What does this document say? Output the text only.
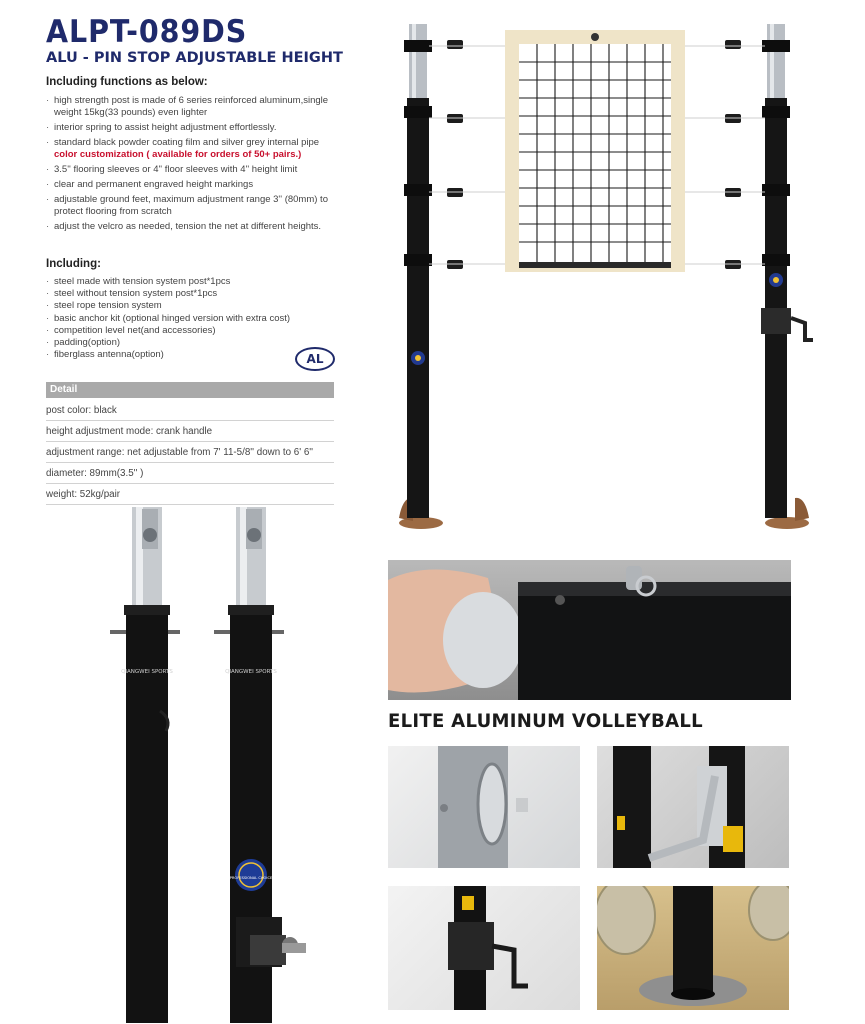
ALPT-089DS
ALU - PIN STOP ADJUSTABLE HEIGHT
Including functions as below:
· high strength post is made of 6 series reinforced aluminum,single weight 15kg(33 pounds) even lighter
· interior spring to assist height adjustment effortlessly.
· standard black powder coating film and silver grey internal pipe
color customization ( available for orders of 50+ pairs.)
· 3.5'' flooring sleeves or 4'' floor sleeves with 4'' height limit
· clear and permanent engraved height markings
· adjustable ground feet, maximum adjustment range 3'' (80mm) to protect flooring from scratch
· adjust the velcro as needed, tension the net at different heights.
Including:
· steel made with tension system post*1pcs
· steel without tension system post*1pcs
· steel rope tension system
· basic anchor kit (optional hinged version with extra cost)
· competition level net(and accessories)
· padding(option)
· fiberglass antenna(option)	AL
Detail
post color: black
height adjustment mode: crank handle
adjustment range: net adjustable from 7' 11-5/8'' down to 6' 6''
diameter: 89mm(3.5'' )
weight: 52kg/pair
QIANGWEI SPORTS	QIANGWEI SPORTS
PROFESSIONAL CHOICE
ELITE ALUMINUM VOLLEYBALL
